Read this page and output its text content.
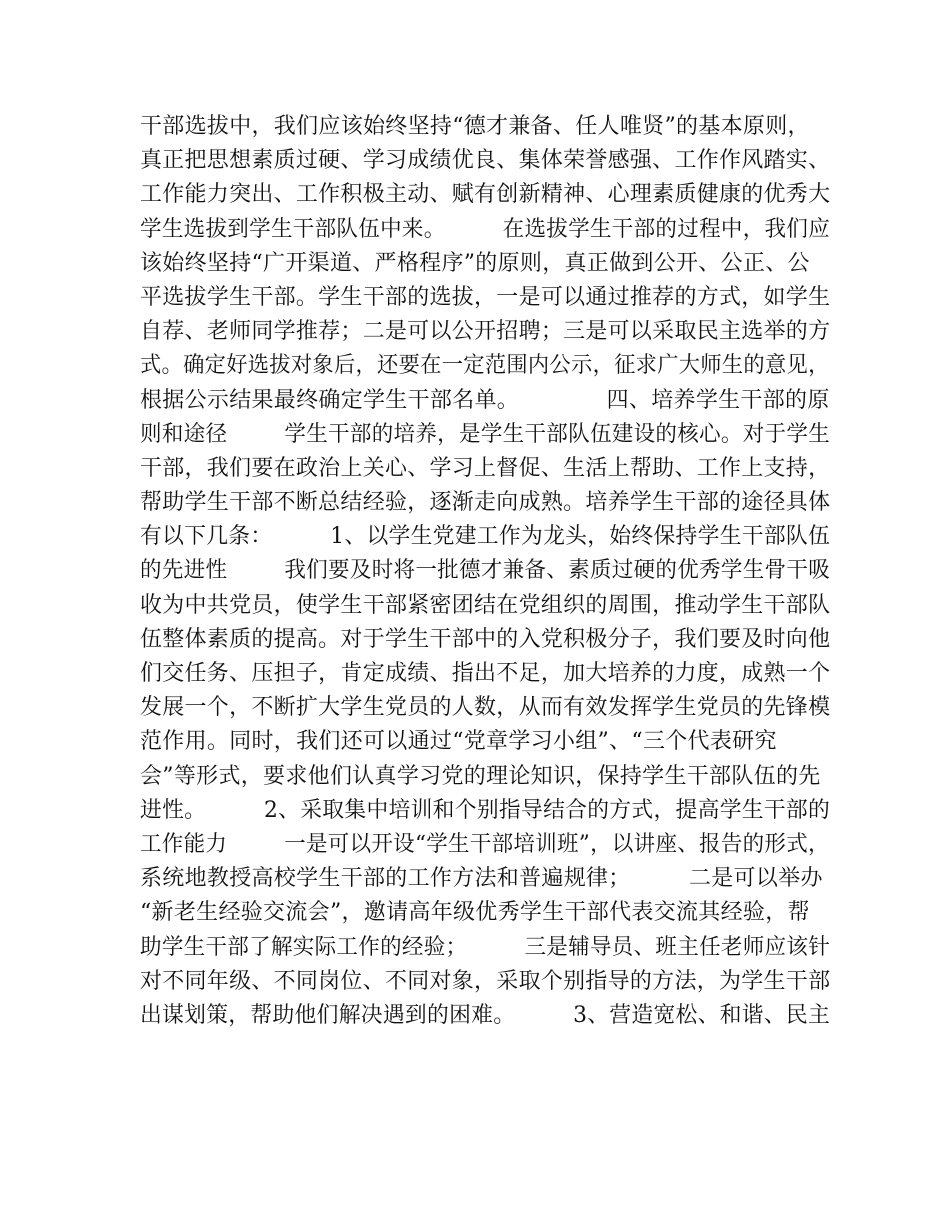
干部选拔中，我们应该始终坚持“德才兼备、任人唯贤”的基本原则，
真正把思想素质过硬、学习成绩优良、集体荣誉感强、工作作风踏实、
工作能力突出、工作积极主动、赋有创新精神、心理素质健康的优秀大
学生选拔到学生干部队伍中来。        在选拔学生干部的过程中，我们应
该始终坚持“广开渠道、严格程序”的原则，真正做到公开、公正、公
平选拔学生干部。学生干部的选拔，一是可以通过推荐的方式，如学生
自荐、老师同学推荐；二是可以公开招聘；三是可以采取民主选举的方
式。确定好选拔对象后，还要在一定范围内公示，征求广大师生的意见，
根据公示结果最终确定学生干部名单。            四、培养学生干部的原
则和途径        学生干部的培养，是学生干部队伍建设的核心。对于学生
干部，我们要在政治上关心、学习上督促、生活上帮助、工作上支持，
帮助学生干部不断总结经验，逐渐走向成熟。培养学生干部的途径具体
有以下几条：        1、以学生党建工作为龙头，始终保持学生干部队伍
的先进性        我们要及时将一批德才兼备、素质过硬的优秀学生骨干吸
收为中共党员，使学生干部紧密团结在党组织的周围，推动学生干部队
伍整体素质的提高。对于学生干部中的入党积极分子，我们要及时向他
们交任务、压担子，肯定成绩、指出不足，加大培养的力度，成熟一个
发展一个，不断扩大学生党员的人数，从而有效发挥学生党员的先锋模
范作用。同时，我们还可以通过“党章学习小组”、“三个代表研究
会”等形式，要求他们认真学习党的理论知识，保持学生干部队伍的先
进性。        2、采取集中培训和个别指导结合的方式，提高学生干部的
工作能力        一是可以开设“学生干部培训班”，以讲座、报告的形式，
系统地教授高校学生干部的工作方法和普遍规律；        二是可以举办
“新老生经验交流会”，邀请高年级优秀学生干部代表交流其经验，帮
助学生干部了解实际工作的经验；        三是辅导员、班主任老师应该针
对不同年级、不同岗位、不同对象，采取个别指导的方法，为学生干部
出谋划策，帮助他们解决遇到的困难。        3、营造宽松、和谐、民主
